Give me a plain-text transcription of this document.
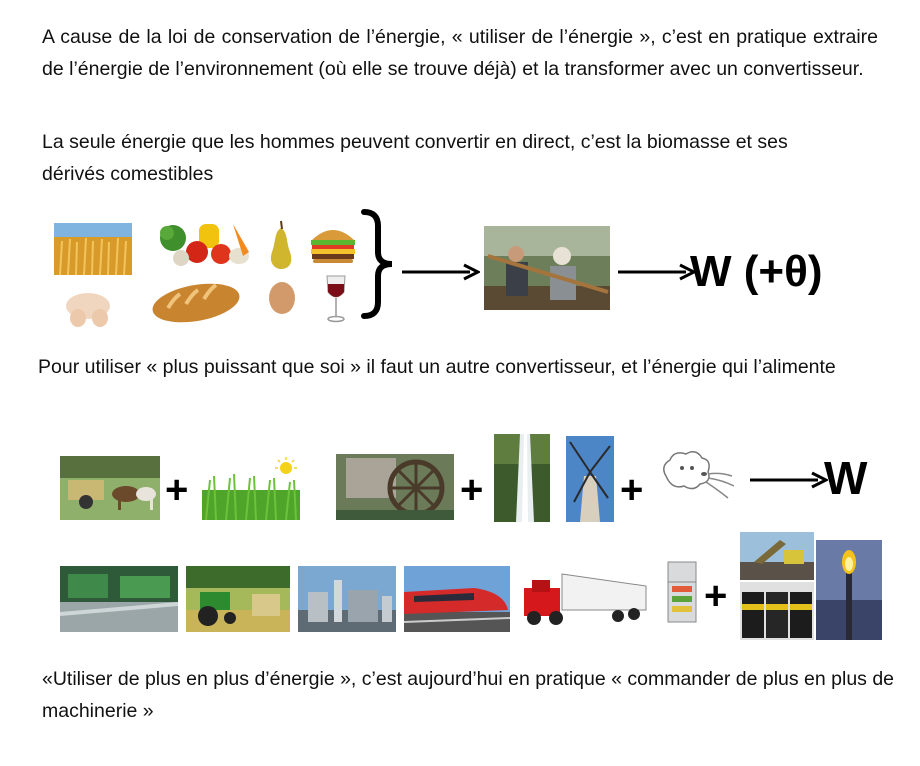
A cause de la loi de conservation de l’énergie, « utiliser de l’énergie », c’est en pratique extraire de l’énergie de l’environnement (où elle se trouve déjà) et la transformer avec un convertisseur.

La seule énergie que les hommes peuvent convertir en direct, c’est la biomasse et ses dérivés comestibles

W (+θ)

Pour utiliser « plus puissant que soi » il faut un autre convertisseur, et l’énergie qui l’alimente

+	+	+	W
+

«Utiliser de plus en plus d’énergie », c’est aujourd’hui en pratique « commander de plus en plus de machinerie »
